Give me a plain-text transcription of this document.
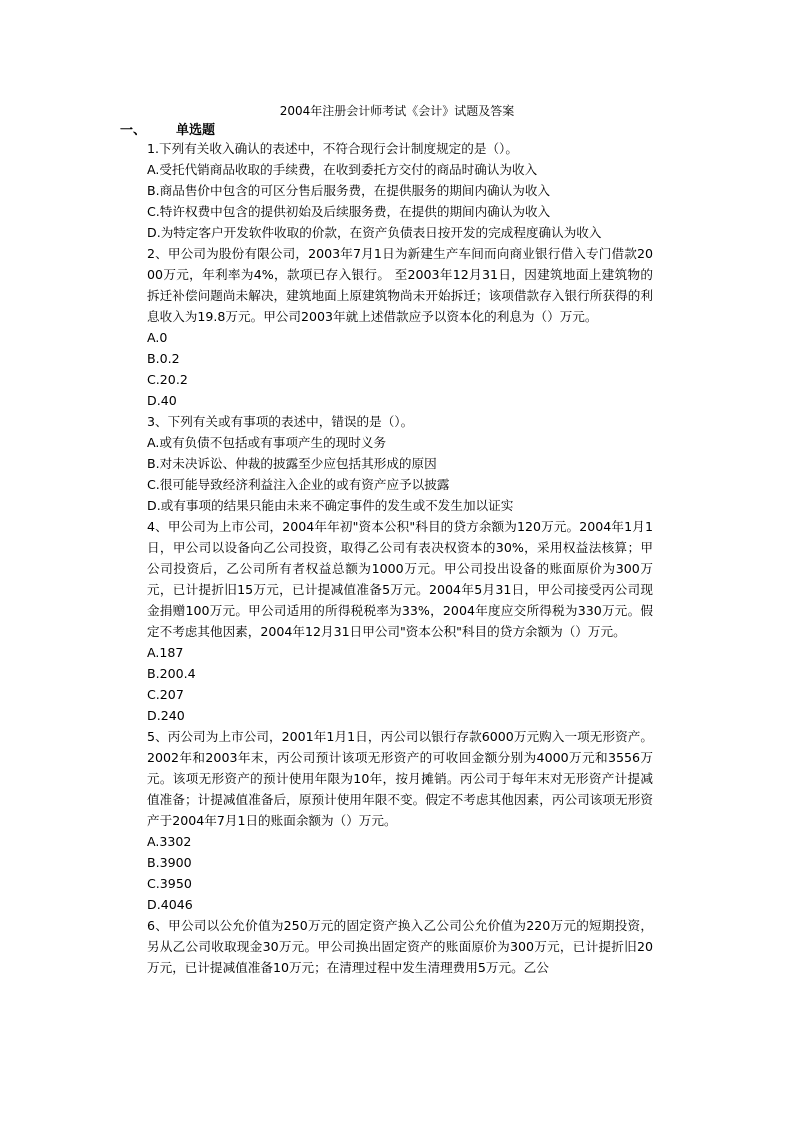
2004年注册会计师考试《会计》试题及答案
一、 单选题
1.下列有关收入确认的表述中，不符合现行会计制度规定的是（）。
A.受托代销商品收取的手续费，在收到委托方交付的商品时确认为收入
B.商品售价中包含的可区分售后服务费，在提供服务的期间内确认为收入
C.特许权费中包含的提供初始及后续服务费，在提供的期间内确认为收入
D.为特定客户开发软件收取的价款，在资产负债表日按开发的完成程度确认为收入
2、甲公司为股份有限公司，2003年7月1日为新建生产车间而向商业银行借入专门借款2000万元，年利率为4%，款项已存入银行。 至2003年12月31日，因建筑地面上建筑物的拆迁补偿问题尚未解决，建筑地面上原建筑物尚未开始拆迁；该项借款存入银行所获得的利息收入为19.8万元。甲公司2003年就上述借款应予以资本化的利息为（）万元。
A.0
B.0.2
C.20.2
D.40
3、下列有关或有事项的表述中，错误的是（）。
A.或有负债不包括或有事项产生的现时义务
B.对未决诉讼、仲裁的披露至少应包括其形成的原因
C.很可能导致经济利益注入企业的或有资产应予以披露
D.或有事项的结果只能由未来不确定事件的发生或不发生加以证实
4、甲公司为上市公司，2004年年初"资本公积"科目的贷方余额为120万元。2004年1月1日，甲公司以设备向乙公司投资，取得乙公司有表决权资本的30%，采用权益法核算；甲公司投资后，乙公司所有者权益总额为1000万元。甲公司投出设备的账面原价为300万元，已计提折旧15万元，已计提减值准备5万元。2004年5月31日，甲公司接受丙公司现金捐赠100万元。甲公司适用的所得税税率为33%，2004年度应交所得税为330万元。假定不考虑其他因素，2004年12月31日甲公司"资本公积"科目的贷方余额为（）万元。
A.187
B.200.4
C.207
D.240
5、丙公司为上市公司，2001年1月1日，丙公司以银行存款6000万元购入一项无形资产。2002年和2003年末，丙公司预计该项无形资产的可收回金额分别为4000万元和3556万元。该项无形资产的预计使用年限为10年，按月摊销。丙公司于每年末对无形资产计提减值准备；计提减值准备后，原预计使用年限不变。假定不考虑其他因素，丙公司该项无形资产于2004年7月1日的账面余额为（）万元。
A.3302
B.3900
C.3950
D.4046
6、甲公司以公允价值为250万元的固定资产换入乙公司公允价值为220万元的短期投资，另从乙公司收取现金30万元。甲公司换出固定资产的账面原价为300万元，已计提折旧20万元，已计提减值准备10万元；在清理过程中发生清理费用5万元。乙公
